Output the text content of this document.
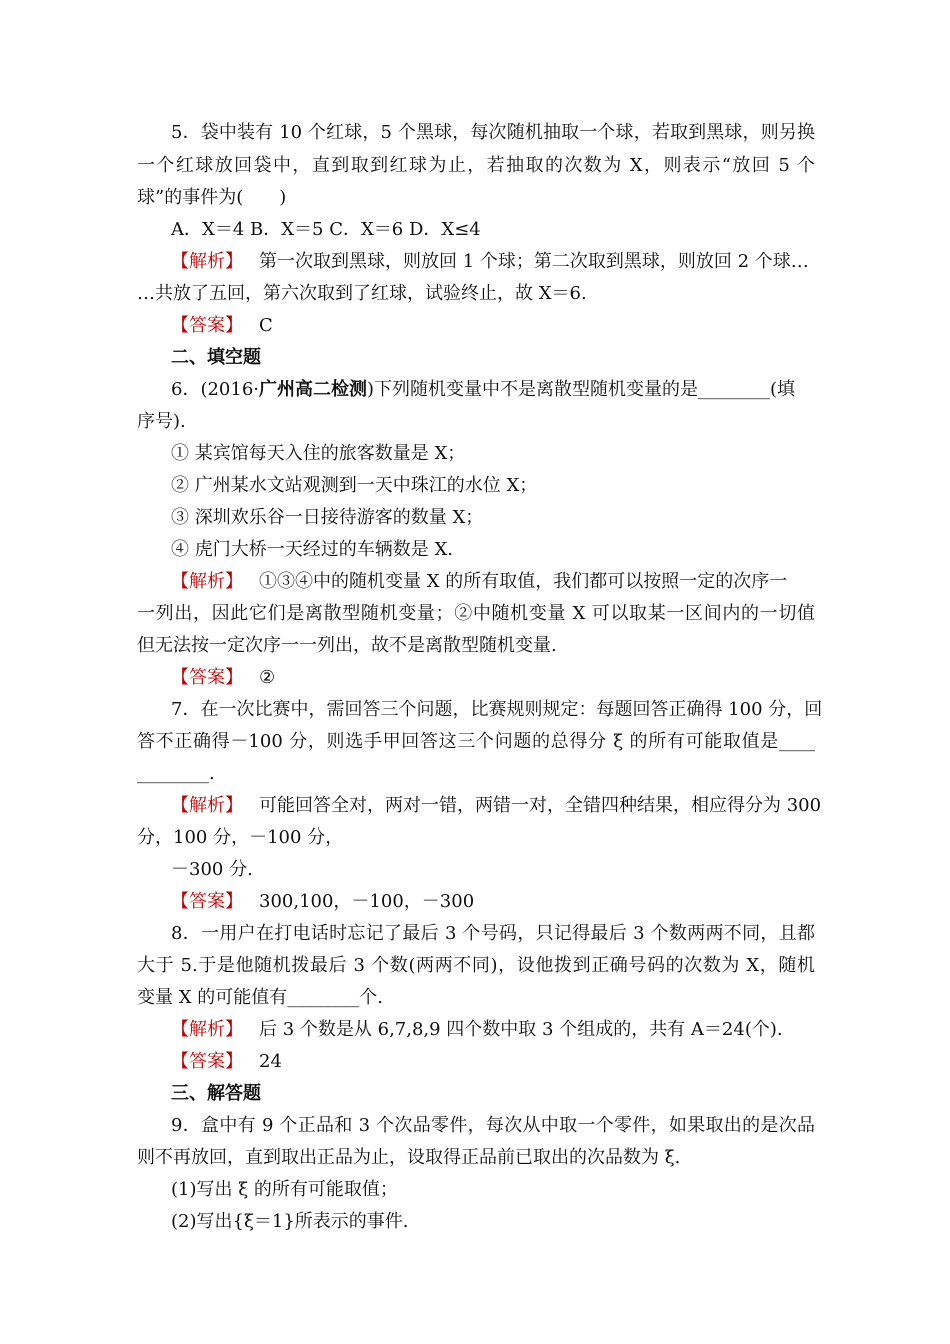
5．袋中装有 10 个红球，5 个黑球，每次随机抽取一个球，若取到黑球，则另换
一个红球放回袋中，直到取到红球为止，若抽取的次数为 X，则表示“放回 5 个
球”的事件为(　　)
A．X＝4 B．X＝5 C．X＝6 D．X≤4
【解析】 第一次取到黑球，则放回 1 个球；第二次取到黑球，则放回 2 个球…
…共放了五回，第六次取到了红球，试验终止，故 X＝6.
【答案】 C
二、填空题
6．(2016·广州高二检测)下列随机变量中不是离散型随机变量的是________(填
序号).
① 某宾馆每天入住的旅客数量是 X；
② 广州某水文站观测到一天中珠江的水位 X；
③ 深圳欢乐谷一日接待游客的数量 X；
④ 虎门大桥一天经过的车辆数是 X.
【解析】 ①③④中的随机变量 X 的所有取值，我们都可以按照一定的次序一
一列出，因此它们是离散型随机变量；②中随机变量 X 可以取某一区间内的一切值
但无法按一定次序一一列出，故不是离散型随机变量.
【答案】 ②
7．在一次比赛中，需回答三个问题，比赛规则规定：每题回答正确得 100 分，回
答不正确得－100 分，则选手甲回答这三个问题的总得分 ξ 的所有可能取值是____
________.
【解析】 可能回答全对，两对一错，两错一对，全错四种结果，相应得分为 300
分，100 分，－100 分，
－300 分.
【答案】 300,100，－100，－300
8．一用户在打电话时忘记了最后 3 个号码，只记得最后 3 个数两两不同，且都
大于 5.于是他随机拨最后 3 个数(两两不同)，设他拨到正确号码的次数为 X，随机
变量 X 的可能值有________个.
【解析】 后 3 个数是从 6,7,8,9 四个数中取 3 个组成的，共有 A＝24(个).
【答案】 24
三、解答题
9．盒中有 9 个正品和 3 个次品零件，每次从中取一个零件，如果取出的是次品
则不再放回，直到取出正品为止，设取得正品前已取出的次品数为 ξ.
(1)写出 ξ 的所有可能取值；
(2)写出{ξ＝1}所表示的事件.
